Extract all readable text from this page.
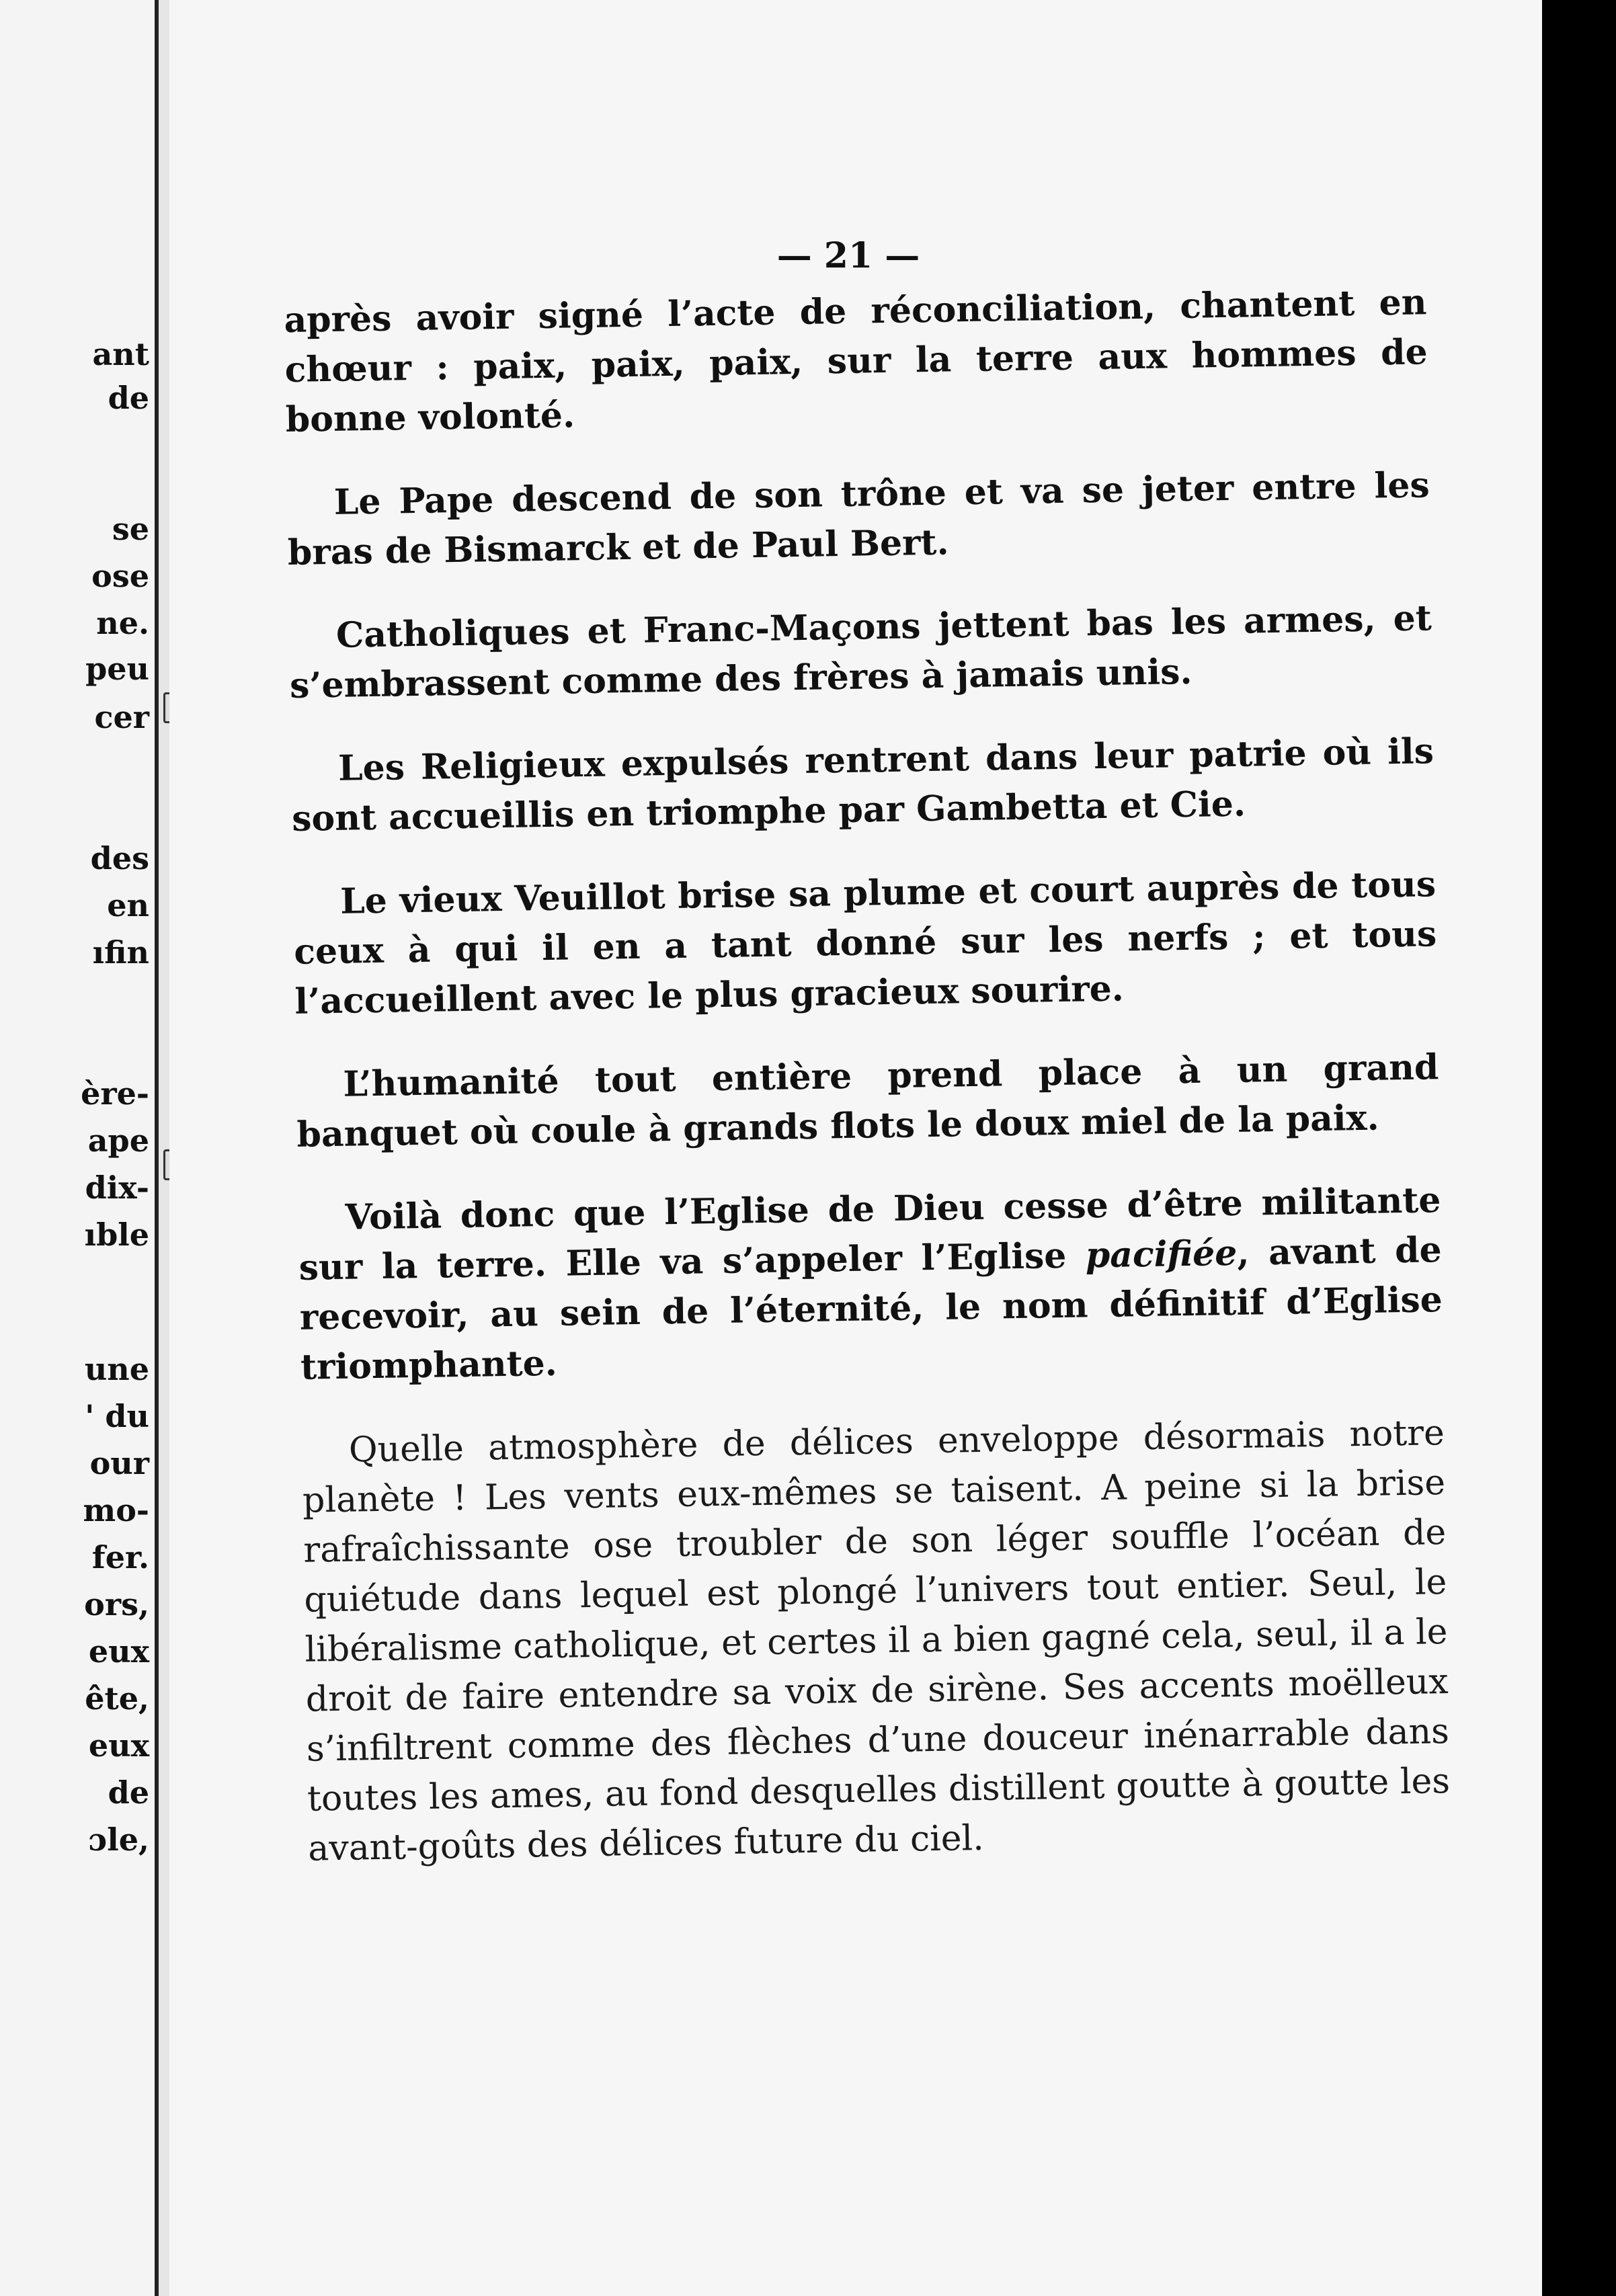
ant
de
se
ose
ne.
peu
cer
des
en
ıfin
ère-
ape
dix-
ıble
une
' du
our
mo-
fer.
ors,
eux
ête,
eux
de
ɔle,
— 21 —

après avoir signé l’acte de réconciliation, chantent en chœur : paix, paix, paix, sur la terre aux hommes de bonne volonté.

Le Pape descend de son trône et va se jeter entre les bras de Bismarck et de Paul Bert.

Catholiques et Franc-Maçons jettent bas les armes, et s’embrassent comme des frères à jamais unis.

Les Religieux expulsés rentrent dans leur patrie où ils sont accueillis en triomphe par Gambetta et Cie.

Le vieux Veuillot brise sa plume et court auprès de tous ceux à qui il en a tant donné sur les nerfs ; et tous l’accueillent avec le plus gracieux sourire.

L’humanité tout entière prend place à un grand banquet où coule à grands flots le doux miel de la paix.

Voilà donc que l’Eglise de Dieu cesse d’être militante sur la terre. Elle va s’appeler l’Eglise pacifiée, avant de recevoir, au sein de l’éternité, le nom définitif d’Eglise triomphante.

Quelle atmosphère de délices enveloppe désormais notre planète ! Les vents eux-mêmes se taisent. A peine si la brise rafraîchissante ose troubler de son léger souffle l’océan de quiétude dans lequel est plongé l’univers tout entier. Seul, le libéralisme catholique, et certes il a bien gagné cela, seul, il a le droit de faire entendre sa voix de sirène. Ses accents moëlleux s’infiltrent comme des flèches d’une douceur inénarrable dans toutes les ames, au fond desquelles distillent goutte à goutte les avant-goûts des délices future du ciel.
